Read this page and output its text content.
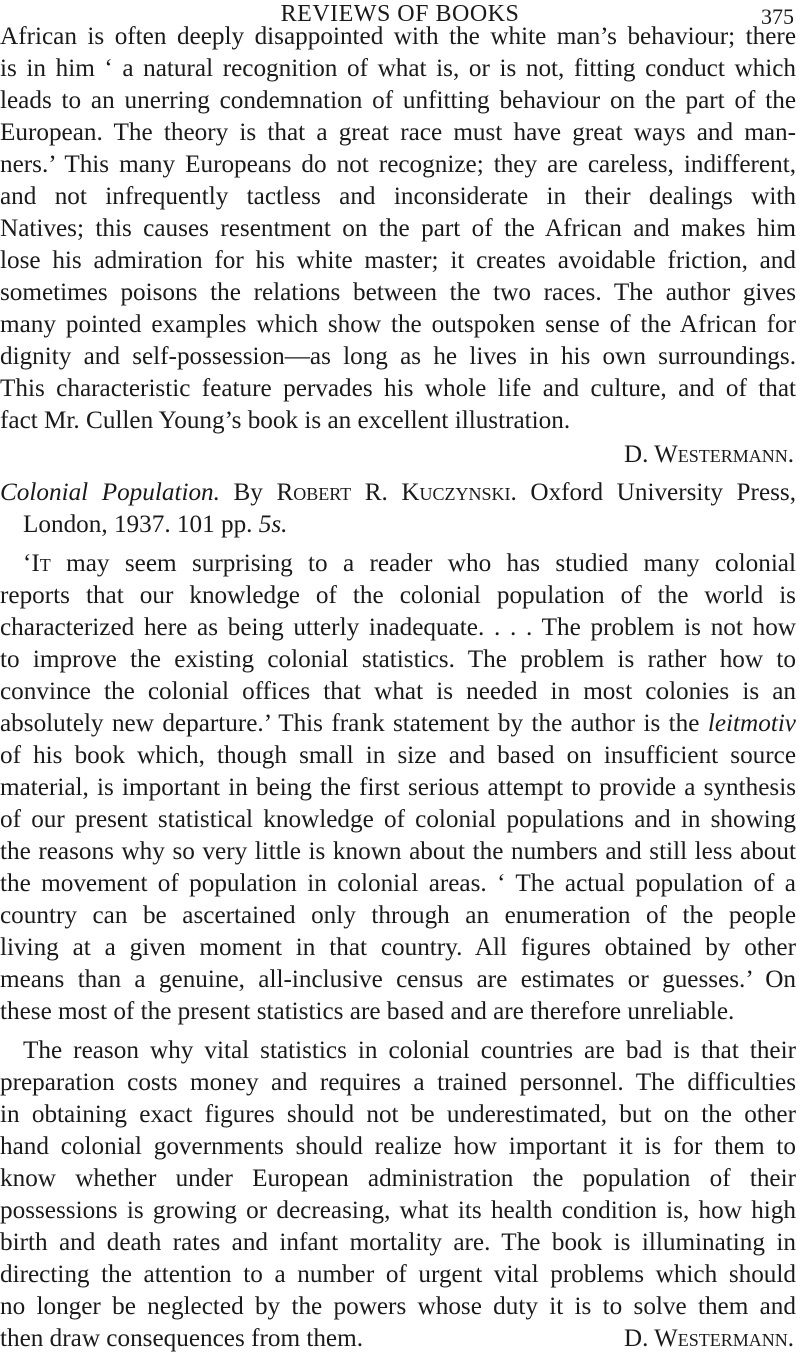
REVIEWS OF BOOKS	375
African is often deeply disappointed with the white man’s behaviour; there
is in him ‘ a natural recognition of what is, or is not, fitting conduct which
leads to an unerring condemnation of unfitting behaviour on the part of the
European. The theory is that a great race must have great ways and man-
ners.’ This many Europeans do not recognize; they are careless, indifferent,
and not infrequently tactless and inconsiderate in their dealings with
Natives; this causes resentment on the part of the African and makes him
lose his admiration for his white master; it creates avoidable friction, and
sometimes poisons the relations between the two races. The author gives
many pointed examples which show the outspoken sense of the African for
dignity and self-possession—as long as he lives in his own surroundings.
This characteristic feature pervades his whole life and culture, and of that
fact Mr. Cullen Young’s book is an excellent illustration.
D. Westermann.
Colonial Population. By Robert R. Kuczynski. Oxford University Press,
London, 1937. 101 pp. 5s.
‘It may seem surprising to a reader who has studied many colonial
reports that our knowledge of the colonial population of the world is
characterized here as being utterly inadequate. . . . The problem is not how
to improve the existing colonial statistics. The problem is rather how to
convince the colonial offices that what is needed in most colonies is an
absolutely new departure.’ This frank statement by the author is the leitmotiv
of his book which, though small in size and based on insufficient source
material, is important in being the first serious attempt to provide a synthesis
of our present statistical knowledge of colonial populations and in showing
the reasons why so very little is known about the numbers and still less about
the movement of population in colonial areas. ‘ The actual population of a
country can be ascertained only through an enumeration of the people
living at a given moment in that country. All figures obtained by other
means than a genuine, all-inclusive census are estimates or guesses.’ On
these most of the present statistics are based and are therefore unreliable.
The reason why vital statistics in colonial countries are bad is that their
preparation costs money and requires a trained personnel. The difficulties
in obtaining exact figures should not be underestimated, but on the other
hand colonial governments should realize how important it is for them to
know whether under European administration the population of their
possessions is growing or decreasing, what its health condition is, how high
birth and death rates and infant mortality are. The book is illuminating in
directing the attention to a number of urgent vital problems which should
no longer be neglected by the powers whose duty it is to solve them and
then draw consequences from them.	D. Westermann.
